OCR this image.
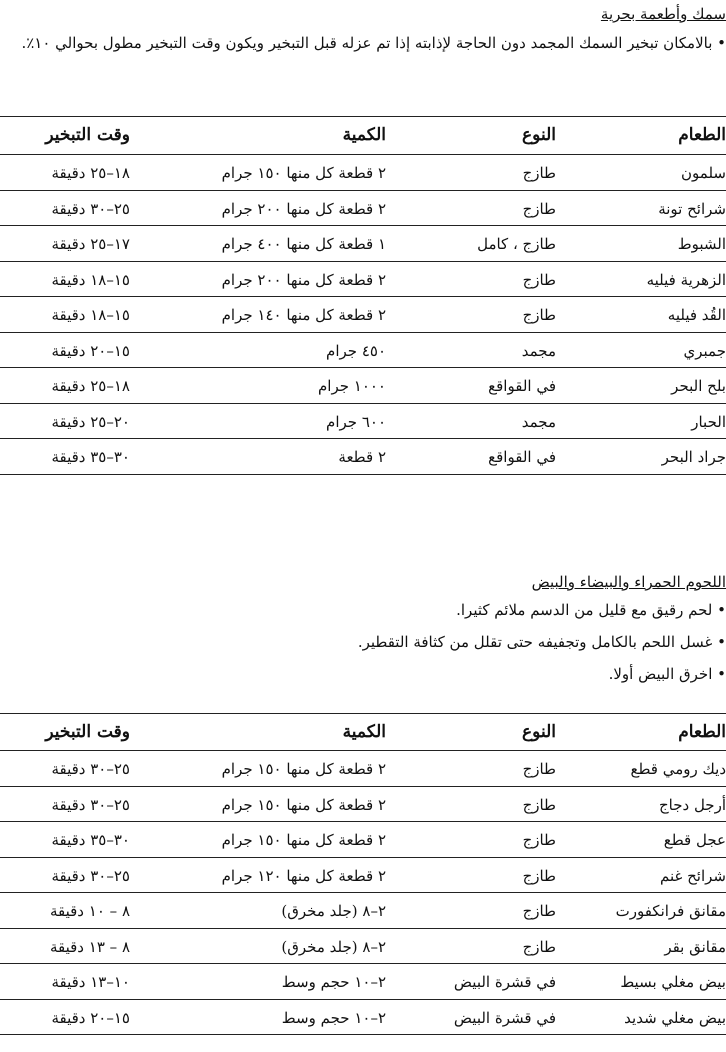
سمك وأطعمة بحرية
• بالامكان تبخير السمك المجمد دون الحاجة لإذابته إذا تم عزله قبل التبخير ويكون وقت التبخير مطول بحوالي ١٠٪.
الطعام
النوع
الكمية
وقت التبخير
سلمون
طازج
٢ قطعة كل منها ١٥٠ جرام
١٨–٢٥ دقيقة
شرائح تونة
طازج
٢ قطعة كل منها ٢٠٠ جرام
٢٥–٣٠ دقيقة
الشبوط
طازج ، كامل
١ قطعة كل منها ٤٠٠ جرام
١٧–٢٥ دقيقة
الزهرية فيليه
طازج
٢ قطعة كل منها ٢٠٠ جرام
١٥–١٨ دقيقة
القُد فيليه
طازج
٢ قطعة كل منها ١٤٠ جرام
١٥–١٨ دقيقة
جمبري
مجمد
٤٥٠ جرام
١٥–٢٠ دقيقة
بلح البحر
في القواقع
١٠٠٠ جرام
١٨–٢٥ دقيقة
الحبار
مجمد
٦٠٠ جرام
٢٠–٢٥ دقيقة
جراد البحر
في القواقع
٢ قطعة
٣٠–٣٥ دقيقة
اللحوم الحمراء والبيضاء والبيض
• لحم رقيق مع قليل من الدسم ملائم كثيرا.
• غسل اللحم بالكامل وتجفيفه حتى تقلل من كثافة التقطير.
• اخرق البيض أولا.
الطعام
النوع
الكمية
وقت التبخير
ديك رومي قطع
طازج
٢ قطعة كل منها ١٥٠ جرام
٢٥–٣٠ دقيقة
أرجل دجاج
طازج
٢ قطعة كل منها ١٥٠ جرام
٢٥–٣٠ دقيقة
عجل قطع
طازج
٢ قطعة كل منها ١٥٠ جرام
٣٠–٣٥ دقيقة
شرائح غنم
طازج
٢ قطعة كل منها ١٢٠ جرام
٢٥–٣٠ دقيقة
مقانق فرانكفورت
طازج
٢–٨ (جلد مخرق)
٨ – ١٠ دقيقة
مقانق بقر
طازج
٢–٨ (جلد مخرق)
٨ – ١٣ دقيقة
بيض مغلي بسيط
في قشرة البيض
٢–١٠ حجم وسط
١٠–١٣ دقيقة
بيض مغلي شديد
في قشرة البيض
٢–١٠ حجم وسط
١٥–٢٠ دقيقة
